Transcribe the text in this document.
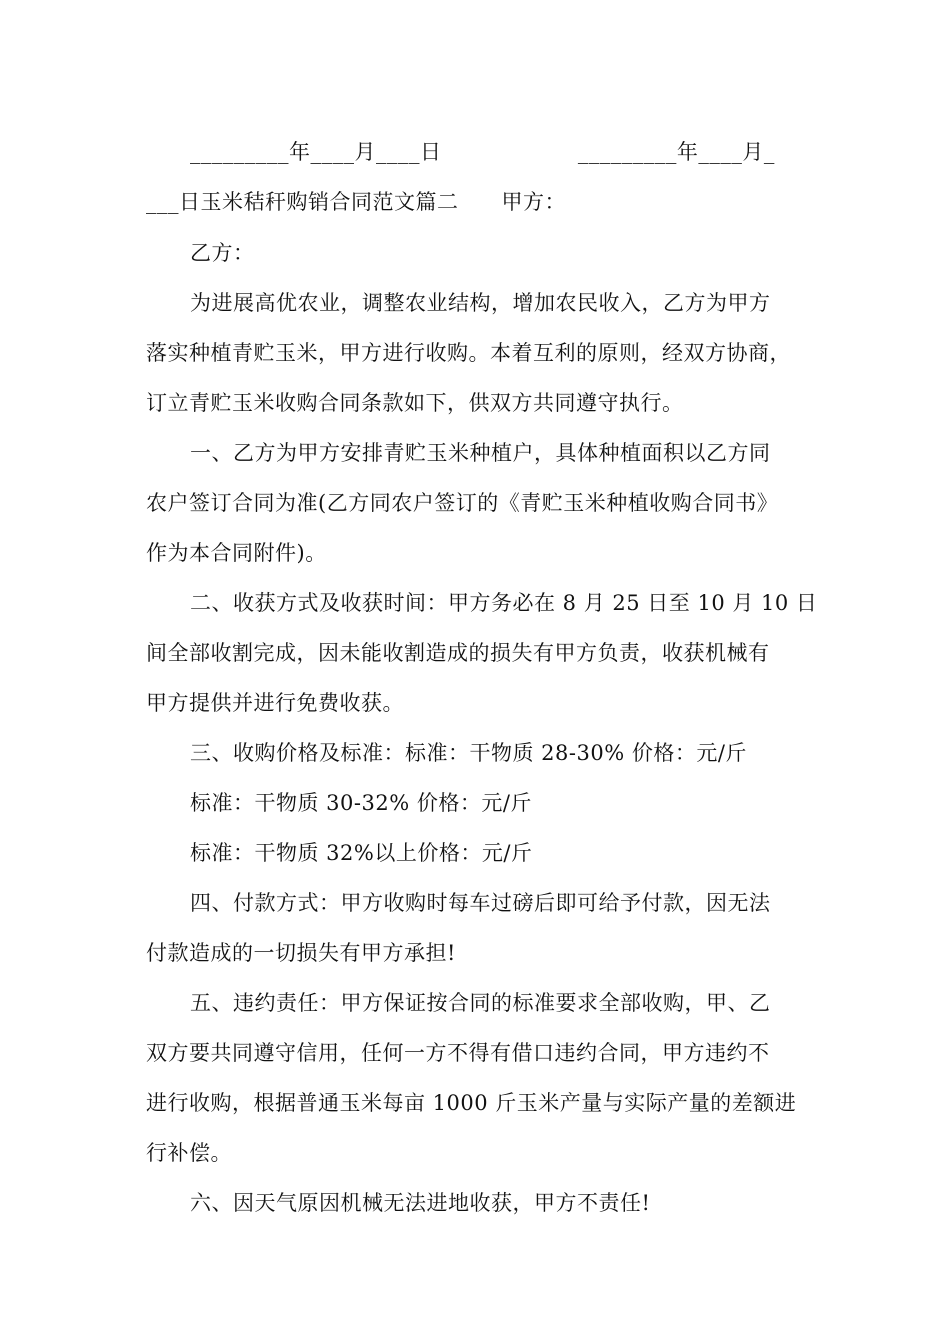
_________年____月____日                   _________年____月_
___日玉米秸秆购销合同范文篇二      甲方：
乙方：
为进展高优农业，调整农业结构，增加农民收入，乙方为甲方
落实种植青贮玉米，甲方进行收购。本着互利的原则，经双方协商，
订立青贮玉米收购合同条款如下，供双方共同遵守执行。
一、乙方为甲方安排青贮玉米种植户，具体种植面积以乙方同
农户签订合同为准(乙方同农户签订的《青贮玉米种植收购合同书》
作为本合同附件)。
二、收获方式及收获时间：甲方务必在 8 月 25 日至 10 月 10 日
间全部收割完成，因未能收割造成的损失有甲方负责，收获机械有
甲方提供并进行免费收获。
三、收购价格及标准：标准：干物质 28-30% 价格：元/斤
标准：干物质 30-32% 价格：元/斤
标准：干物质 32%以上价格：元/斤
四、付款方式：甲方收购时每车过磅后即可给予付款，因无法
付款造成的一切损失有甲方承担!
五、违约责任：甲方保证按合同的标准要求全部收购，甲、乙
双方要共同遵守信用，任何一方不得有借口违约合同，甲方违约不
进行收购，根据普通玉米每亩 1000 斤玉米产量与实际产量的差额进
行补偿。
六、因天气原因机械无法进地收获，甲方不责任!
